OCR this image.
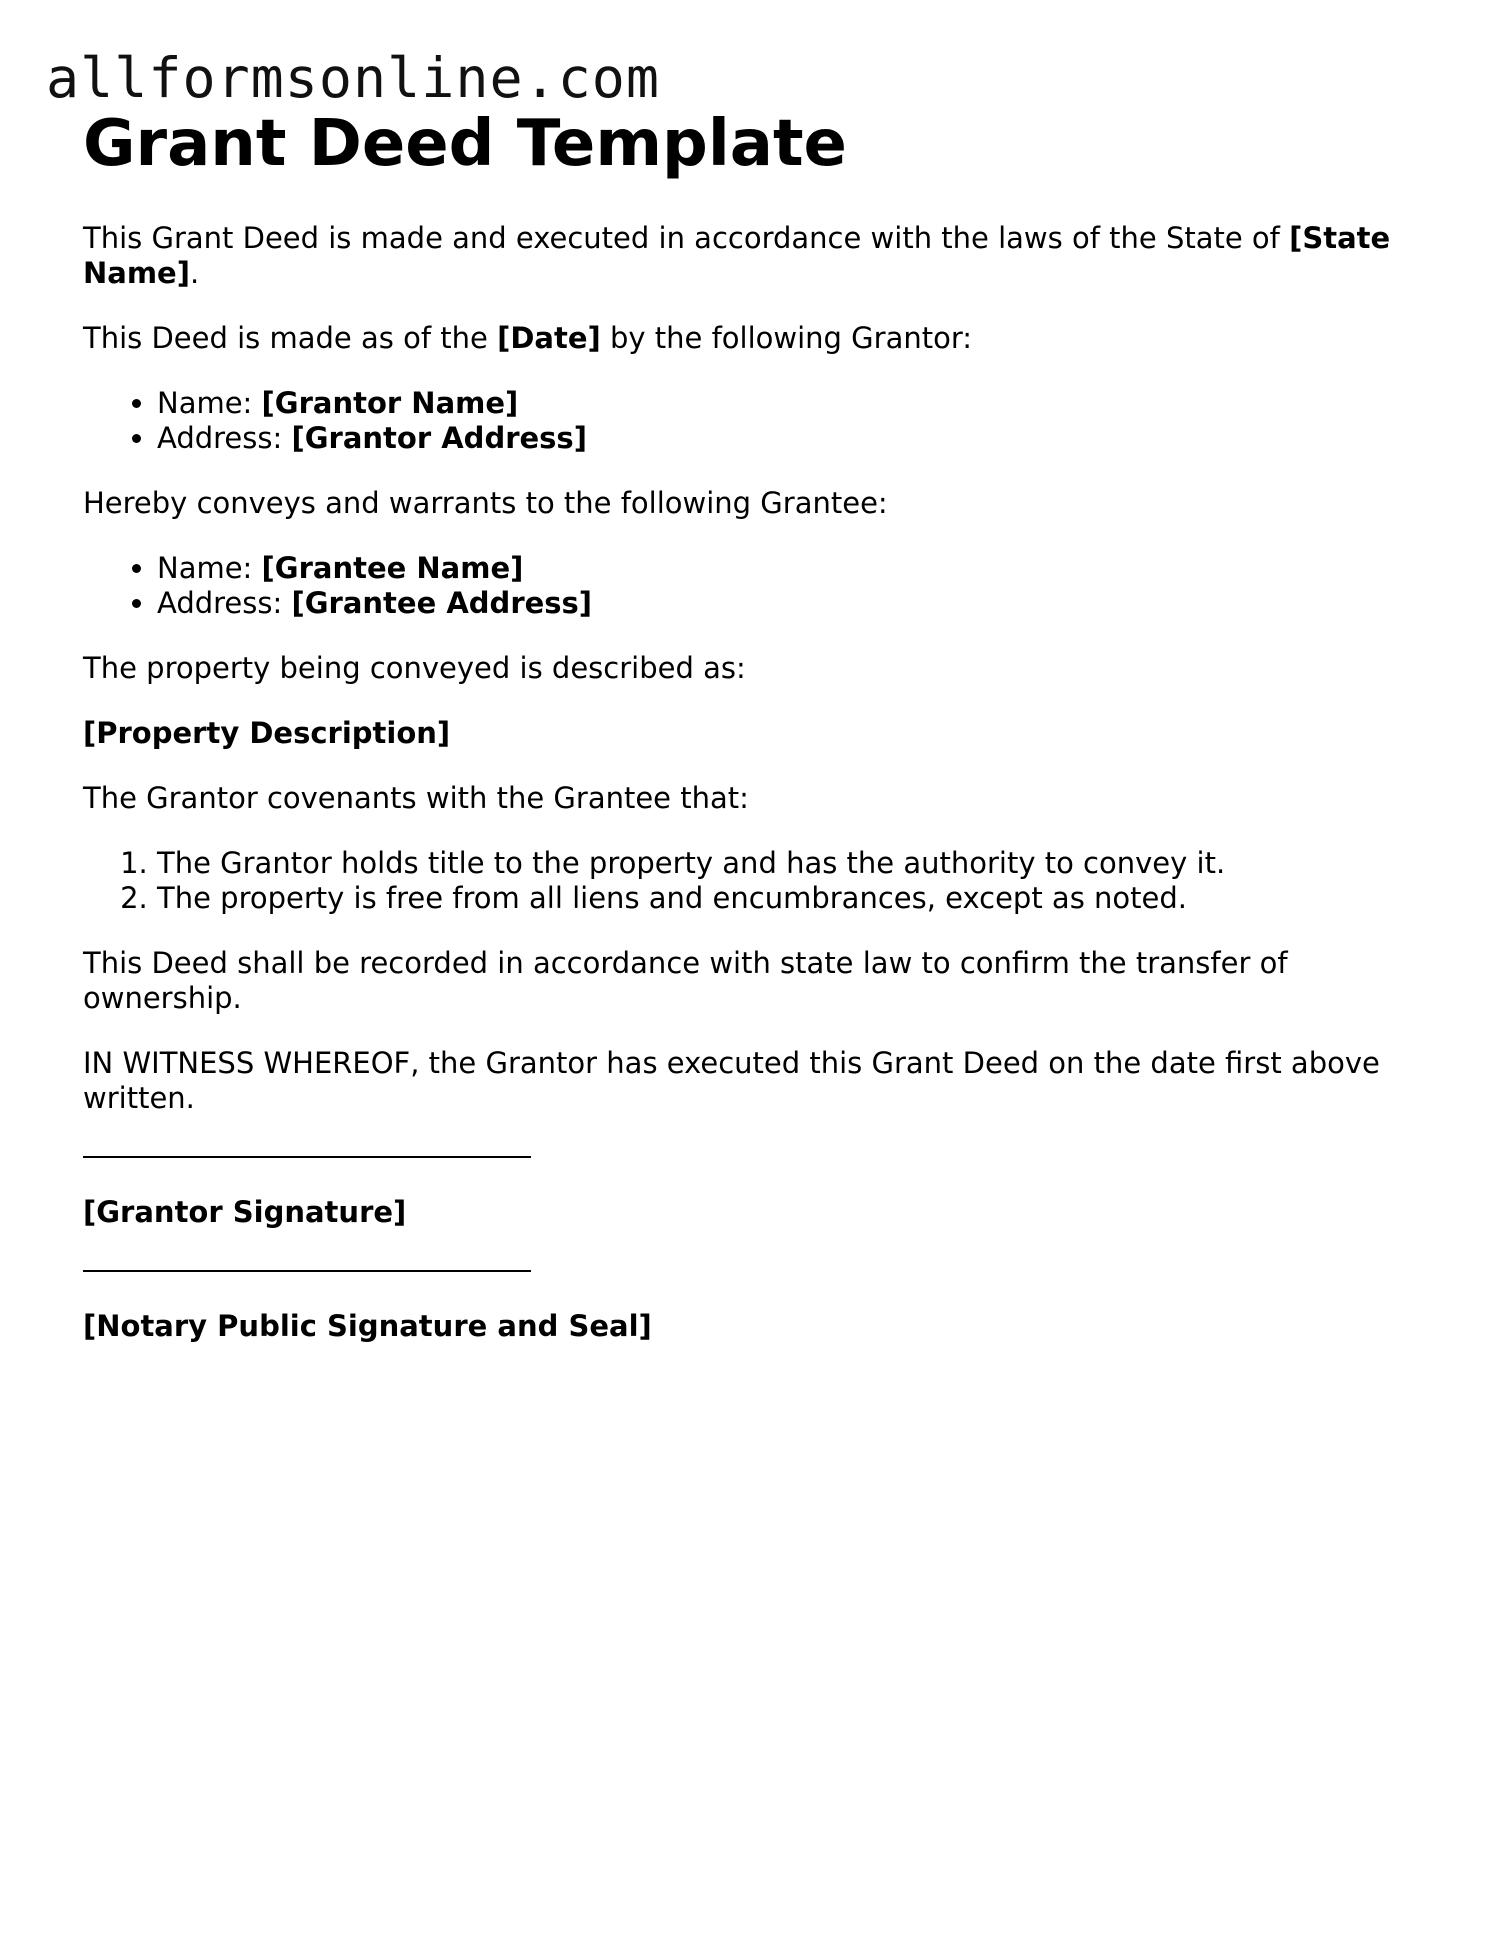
allformsonline.com
Grant Deed Template

This Grant Deed is made and executed in accordance with the laws of the State of [State Name].

This Deed is made as of the [Date] by the following Grantor:

• Name: [Grantor Name]
• Address: [Grantor Address]

Hereby conveys and warrants to the following Grantee:

• Name: [Grantee Name]
• Address: [Grantee Address]

The property being conveyed is described as:

[Property Description]

The Grantor covenants with the Grantee that:

1. The Grantor holds title to the property and has the authority to convey it.
2. The property is free from all liens and encumbrances, except as noted.

This Deed shall be recorded in accordance with state law to confirm the transfer of ownership.

IN WITNESS WHEREOF, the Grantor has executed this Grant Deed on the date first above written.

[Grantor Signature]

[Notary Public Signature and Seal]
